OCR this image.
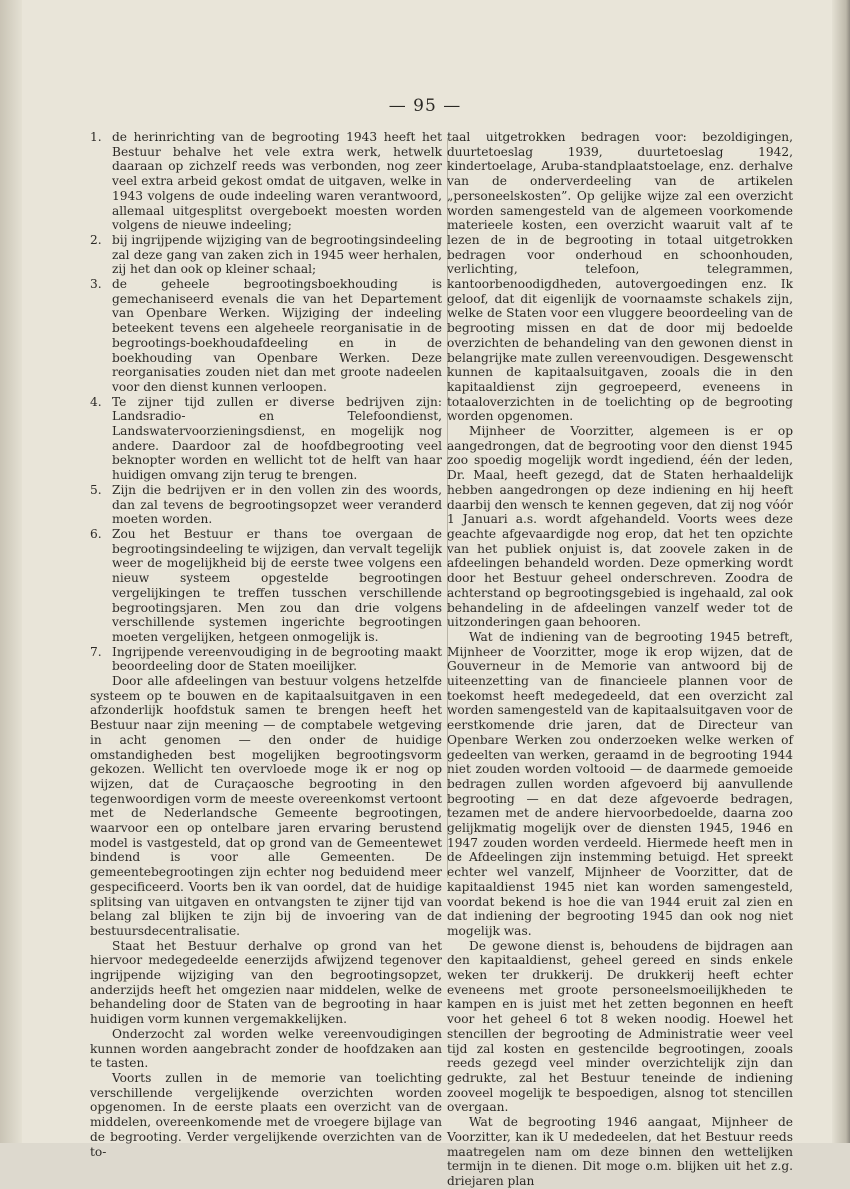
— 95 —
1. de herinrichting van de begrooting 1943 heeft het Bestuur behalve het vele extra werk, hetwelk daaraan op zichzelf reeds was verbonden, nog zeer veel extra arbeid gekost omdat de uitgaven, welke in 1943 volgens de oude indeeling waren verantwoord, allemaal uitgesplitst overgeboekt moesten worden volgens de nieuwe indeeling;
2. bij ingrijpende wijziging van de begrootingsindeeling zal deze gang van zaken zich in 1945 weer herhalen, zij het dan ook op kleiner schaal;
3. de geheele begrootingsboekhouding is gemechaniseerd evenals die van het Departement van Openbare Werken. Wijziging der indeeling beteekent tevens een algeheele reorganisatie in de begrootings-boekhoudafdeeling en in de boekhouding van Openbare Werken. Deze reorganisaties zouden niet dan met groote nadeelen voor den dienst kunnen verloopen.
4. Te zijner tijd zullen er diverse bedrijven zijn: Landsradio- en Telefoondienst, Landswatervoorzieningsdienst, en mogelijk nog andere. Daardoor zal de hoofdbegrooting veel beknopter worden en wellicht tot de helft van haar huidigen omvang zijn terug te brengen.
5. Zijn die bedrijven er in den vollen zin des woords, dan zal tevens de begrootingsopzet weer veranderd moeten worden.
6. Zou het Bestuur er thans toe overgaan de begrootingsindeeling te wijzigen, dan vervalt tegelijk weer de mogelijkheid bij de eerste twee volgens een nieuw systeem opgestelde begrootingen vergelijkingen te treffen tusschen verschillende begrootingsjaren. Men zou dan drie volgens verschillende systemen ingerichte begrootingen moeten vergelijken, hetgeen onmogelijk is.
7. Ingrijpende vereenvoudiging in de begrooting maakt beoordeeling door de Staten moeilijker.

Door alle afdeelingen van bestuur volgens hetzelfde systeem op te bouwen en de kapitaalsuitgaven in een afzonderlijk hoofdstuk samen te brengen heeft het Bestuur naar zijn meening — de comptabele wetgeving in acht genomen — den onder de huidige omstandigheden best mogelijken begrootingsvorm gekozen. Wellicht ten overvloede moge ik er nog op wijzen, dat de Curaçaosche begrooting in den tegenwoordigen vorm de meeste overeenkomst vertoont met de Nederlandsche Gemeente begrootingen, waarvoor een op ontelbare jaren ervaring berustend model is vastgesteld, dat op grond van de Gemeentewet bindend is voor alle Gemeenten. De gemeentebegrootingen zijn echter nog beduidend meer gespecificeerd. Voorts ben ik van oordel, dat de huidige splitsing van uitgaven en ontvangsten te zijner tijd van belang zal blijken te zijn bij de invoering van de bestuursdecentralisatie.

Staat het Bestuur derhalve op grond van het hiervoor medegedeelde eenerzijds afwijzend tegenover ingrijpende wijziging van den begrootingsopzet, anderzijds heeft het omgezien naar middelen, welke de behandeling door de Staten van de begrooting in haar huidigen vorm kunnen vergemakkelijken.

Onderzocht zal worden welke vereenvoudigingen kunnen worden aangebracht zonder de hoofdzaken aan te tasten.

Voorts zullen in de memorie van toelichting verschillende vergelijkende overzichten worden opgenomen. In de eerste plaats een overzicht van de middelen, overeenkomende met de vroegere bijlage van de begrooting. Verder vergelijkende overzichten van de to-

taal uitgetrokken bedragen voor: bezoldigingen, duurtetoeslag 1939, duurtetoeslag 1942, kindertoelage, Aruba-standplaatstoelage, enz. derhalve van de onderverdeeling van de artikelen „personeelskosten”. Op gelijke wijze zal een overzicht worden samengesteld van de algemeen voorkomende materieele kosten, een overzicht waaruit valt af te lezen de in de begrooting in totaal uitgetrokken bedragen voor onderhoud en schoonhouden, verlichting, telefoon, telegrammen, kantoorbenoodigdheden, autovergoedingen enz. Ik geloof, dat dit eigenlijk de voornaamste schakels zijn, welke de Staten voor een vluggere beoordeeling van de begrooting missen en dat de door mij bedoelde overzichten de behandeling van den gewonen dienst in belangrijke mate zullen vereenvoudigen. Desgewenscht kunnen de kapitaalsuitgaven, zooals die in den kapitaaldienst zijn gegroepeerd, eveneens in totaaloverzichten in de toelichting op de begrooting worden opgenomen.

Mijnheer de Voorzitter, algemeen is er op aangedrongen, dat de begrooting voor den dienst 1945 zoo spoedig mogelijk wordt ingediend, één der leden, Dr. Maal, heeft gezegd, dat de Staten herhaaldelijk hebben aangedrongen op deze indiening en hij heeft daarbij den wensch te kennen gegeven, dat zij nog vóór 1 Januari a.s. wordt afgehandeld. Voorts wees deze geachte afgevaardigde nog erop, dat het ten opzichte van het publiek onjuist is, dat zoovele zaken in de afdeelingen behandeld worden. Deze opmerking wordt door het Bestuur geheel onderschreven. Zoodra de achterstand op begrootingsgebied is ingehaald, zal ook behandeling in de afdeelingen vanzelf weder tot de uitzonderingen gaan behooren.

Wat de indiening van de begrooting 1945 betreft, Mijnheer de Voorzitter, moge ik erop wijzen, dat de Gouverneur in de Memorie van antwoord bij de uiteenzetting van de financieele plannen voor de toekomst heeft medegedeeld, dat een overzicht zal worden samengesteld van de kapitaalsuitgaven voor de eerstkomende drie jaren, dat de Directeur van Openbare Werken zou onderzoeken welke werken of gedeelten van werken, geraamd in de begrooting 1944 niet zouden worden voltooid — de daarmede gemoeide bedragen zullen worden afgevoerd bij aanvullende begrooting — en dat deze afgevoerde bedragen, tezamen met de andere hiervoorbedoelde, daarna zoo gelijkmatig mogelijk over de diensten 1945, 1946 en 1947 zouden worden verdeeld. Hiermede heeft men in de Afdeelingen zijn instemming betuigd. Het spreekt echter wel vanzelf, Mijnheer de Voorzitter, dat de kapitaaldienst 1945 niet kan worden samengesteld, voordat bekend is hoe die van 1944 eruit zal zien en dat indiening der begrooting 1945 dan ook nog niet mogelijk was.

De gewone dienst is, behoudens de bijdragen aan den kapitaaldienst, geheel gereed en sinds enkele weken ter drukkerij. De drukkerij heeft echter eveneens met groote personeelsmoeilijkheden te kampen en is juist met het zetten begonnen en heeft voor het geheel 6 tot 8 weken noodig. Hoewel het stencillen der begrooting de Administratie weer veel tijd zal kosten en gestencilde begrootingen, zooals reeds gezegd veel minder overzichtelijk zijn dan gedrukte, zal het Bestuur teneinde de indiening zooveel mogelijk te bespoedigen, alsnog tot stencillen overgaan.

Wat de begrooting 1946 aangaat, Mijnheer de Voorzitter, kan ik U mededeelen, dat het Bestuur reeds maatregelen nam om deze binnen den wettelijken termijn in te dienen. Dit moge o.m. blijken uit het z.g. driejaren plan
